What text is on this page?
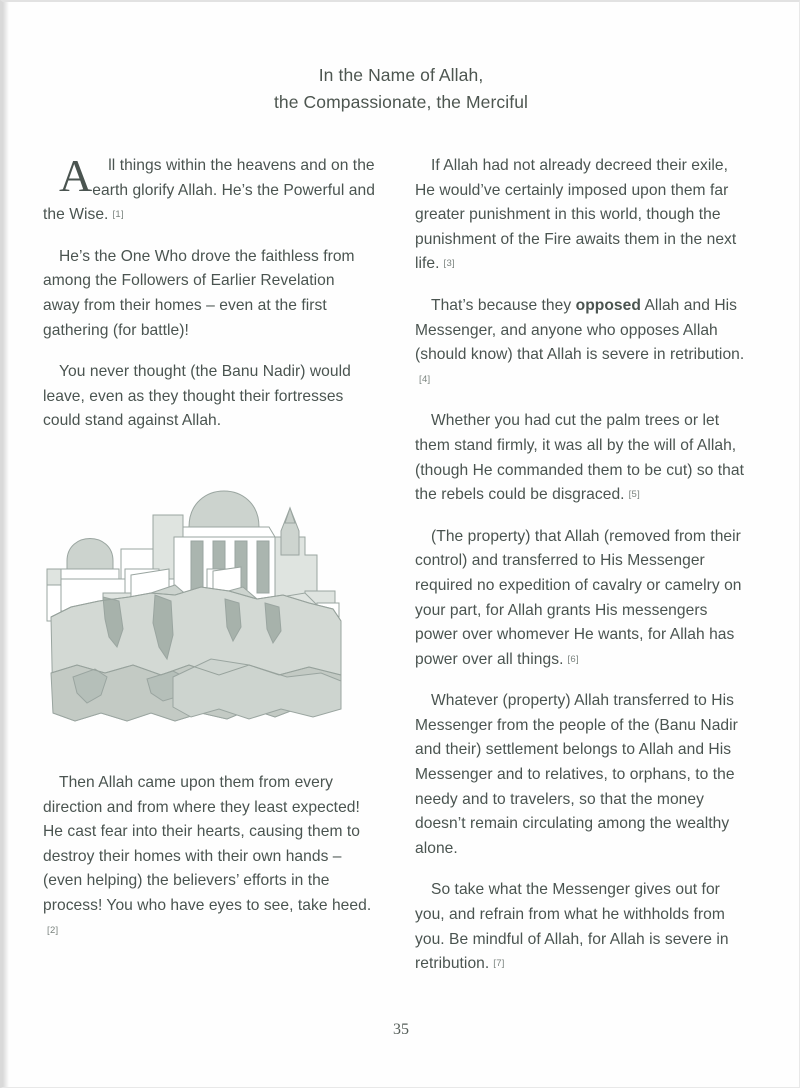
In the Name of Allah,
the Compassionate, the Merciful

A ll things within the heavens and on the earth glorify Allah. He’s the Powerful and the Wise. [1]

He’s the One Who drove the faithless from among the Followers of Earlier Revelation away from their homes – even at the first gathering (for battle)!

You never thought (the Banu Nadir) would leave, even as they thought their fortresses could stand against Allah.

Then Allah came upon them from every direction and from where they least expected! He cast fear into their hearts, causing them to destroy their homes with their own hands – (even helping) the believers’ efforts in the process! You who have eyes to see, take heed.[2]

If Allah had not already decreed their exile, He would’ve certainly imposed upon them far greater punishment in this world, though the punishment of the Fire awaits them in the next life. [3]

That’s because they opposed Allah and His Messenger, and anyone who opposes Allah (should know) that Allah is severe in retribution.[4]

Whether you had cut the palm trees or let them stand firmly, it was all by the will of Allah, (though He commanded them to be cut) so that the rebels could be disgraced. [5]

(The property) that Allah (removed from their control) and transferred to His Messenger required no expedition of cavalry or camelry on your part, for Allah grants His messengers power over whomever He wants, for Allah has power over all things. [6]

Whatever (property) Allah transferred to His Messenger from the people of the (Banu Nadir and their) settlement belongs to Allah and His Messenger and to relatives, to orphans, to the needy and to travelers, so that the money doesn’t remain circulating among the wealthy alone.

So take what the Messenger gives out for you, and refrain from what he withholds from you. Be mindful of Allah, for Allah is severe in retribution. [7]

35
